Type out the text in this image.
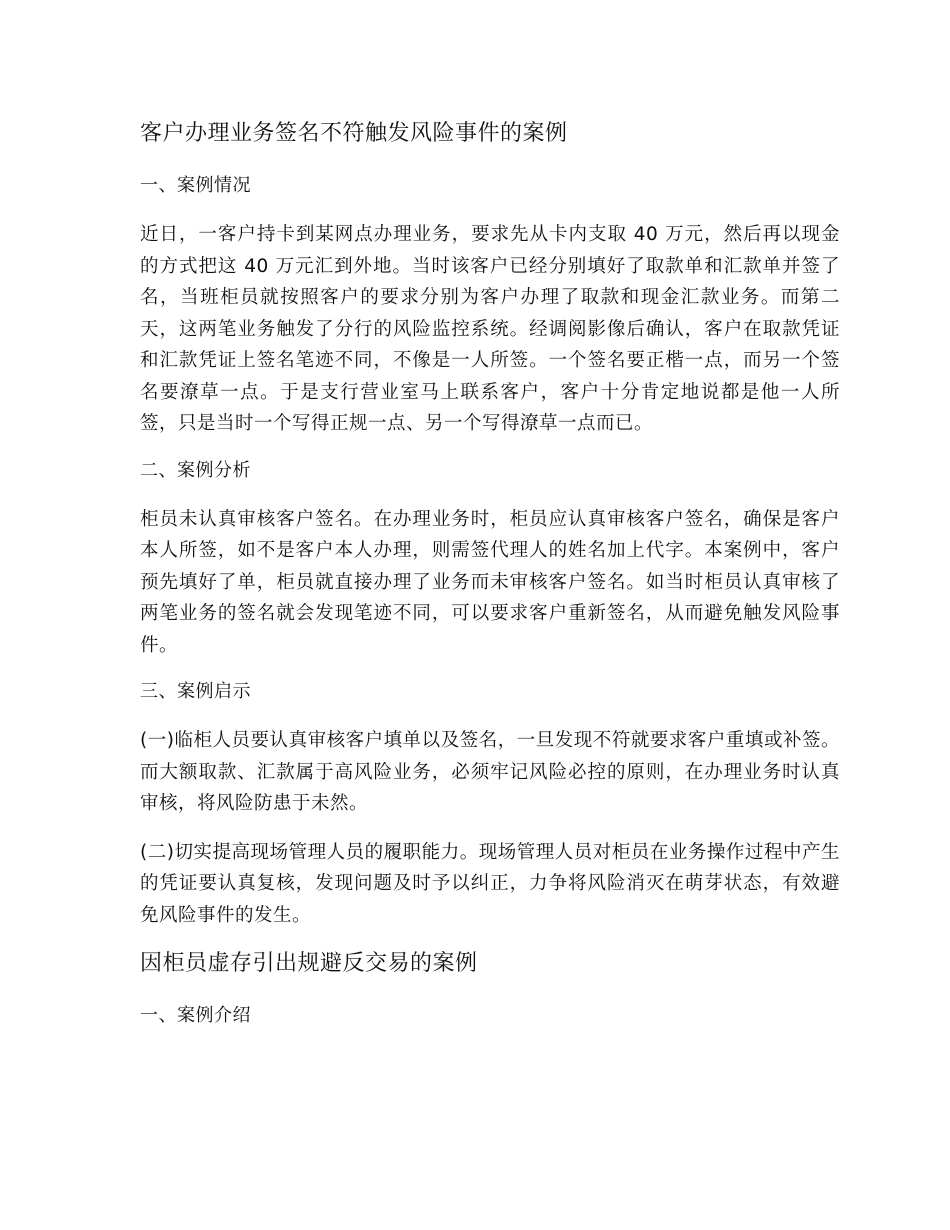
客户办理业务签名不符触发风险事件的案例
一、案例情况

近日，一客户持卡到某网点办理业务，要求先从卡内支取 40 万元，然后再以现金的方式把这 40 万元汇到外地。当时该客户已经分别填好了取款单和汇款单并签了名，当班柜员就按照客户的要求分别为客户办理了取款和现金汇款业务。而第二天，这两笔业务触发了分行的风险监控系统。经调阅影像后确认，客户在取款凭证和汇款凭证上签名笔迹不同，不像是一人所签。一个签名要正楷一点，而另一个签名要潦草一点。于是支行营业室马上联系客户，客户十分肯定地说都是他一人所签，只是当时一个写得正规一点、另一个写得潦草一点而已。

二、案例分析

柜员未认真审核客户签名。在办理业务时，柜员应认真审核客户签名，确保是客户本人所签，如不是客户本人办理，则需签代理人的姓名加上代字。本案例中，客户预先填好了单，柜员就直接办理了业务而未审核客户签名。如当时柜员认真审核了两笔业务的签名就会发现笔迹不同，可以要求客户重新签名，从而避免触发风险事件。

三、案例启示

(一)临柜人员要认真审核客户填单以及签名，一旦发现不符就要求客户重填或补签。而大额取款、汇款属于高风险业务，必须牢记风险必控的原则，在办理业务时认真审核，将风险防患于未然。

(二)切实提高现场管理人员的履职能力。现场管理人员对柜员在业务操作过程中产生的凭证要认真复核，发现问题及时予以纠正，力争将风险消灭在萌芽状态，有效避免风险事件的发生。

因柜员虚存引出规避反交易的案例
一、案例介绍
